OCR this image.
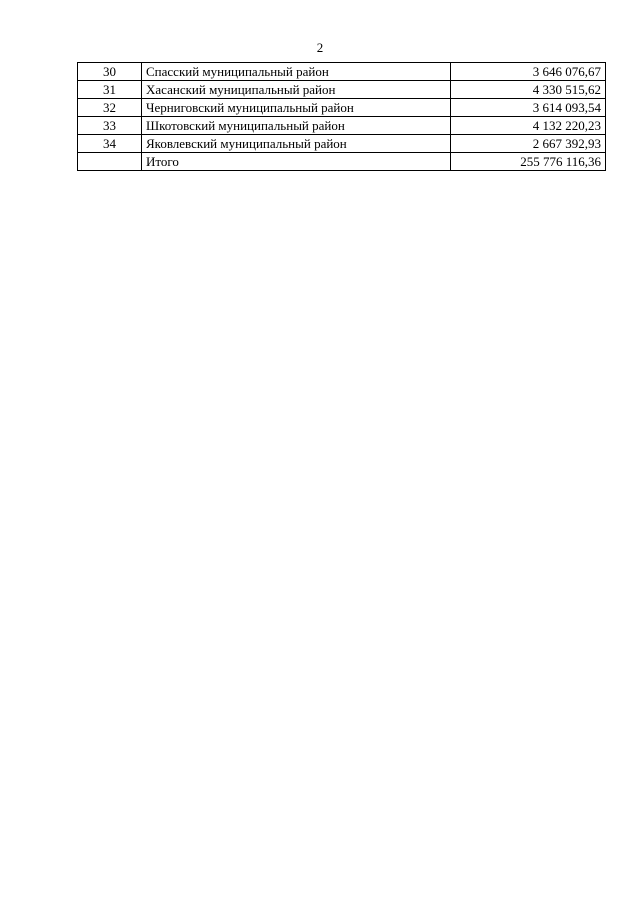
2
30	Спасский муниципальный район	3 646 076,67
31	Хасанский муниципальный район	4 330 515,62
32	Черниговский муниципальный район	3 614 093,54
33	Шкотовский муниципальный район	4 132 220,23
34	Яковлевский муниципальный район	2 667 392,93
	Итого	255 776 116,36
